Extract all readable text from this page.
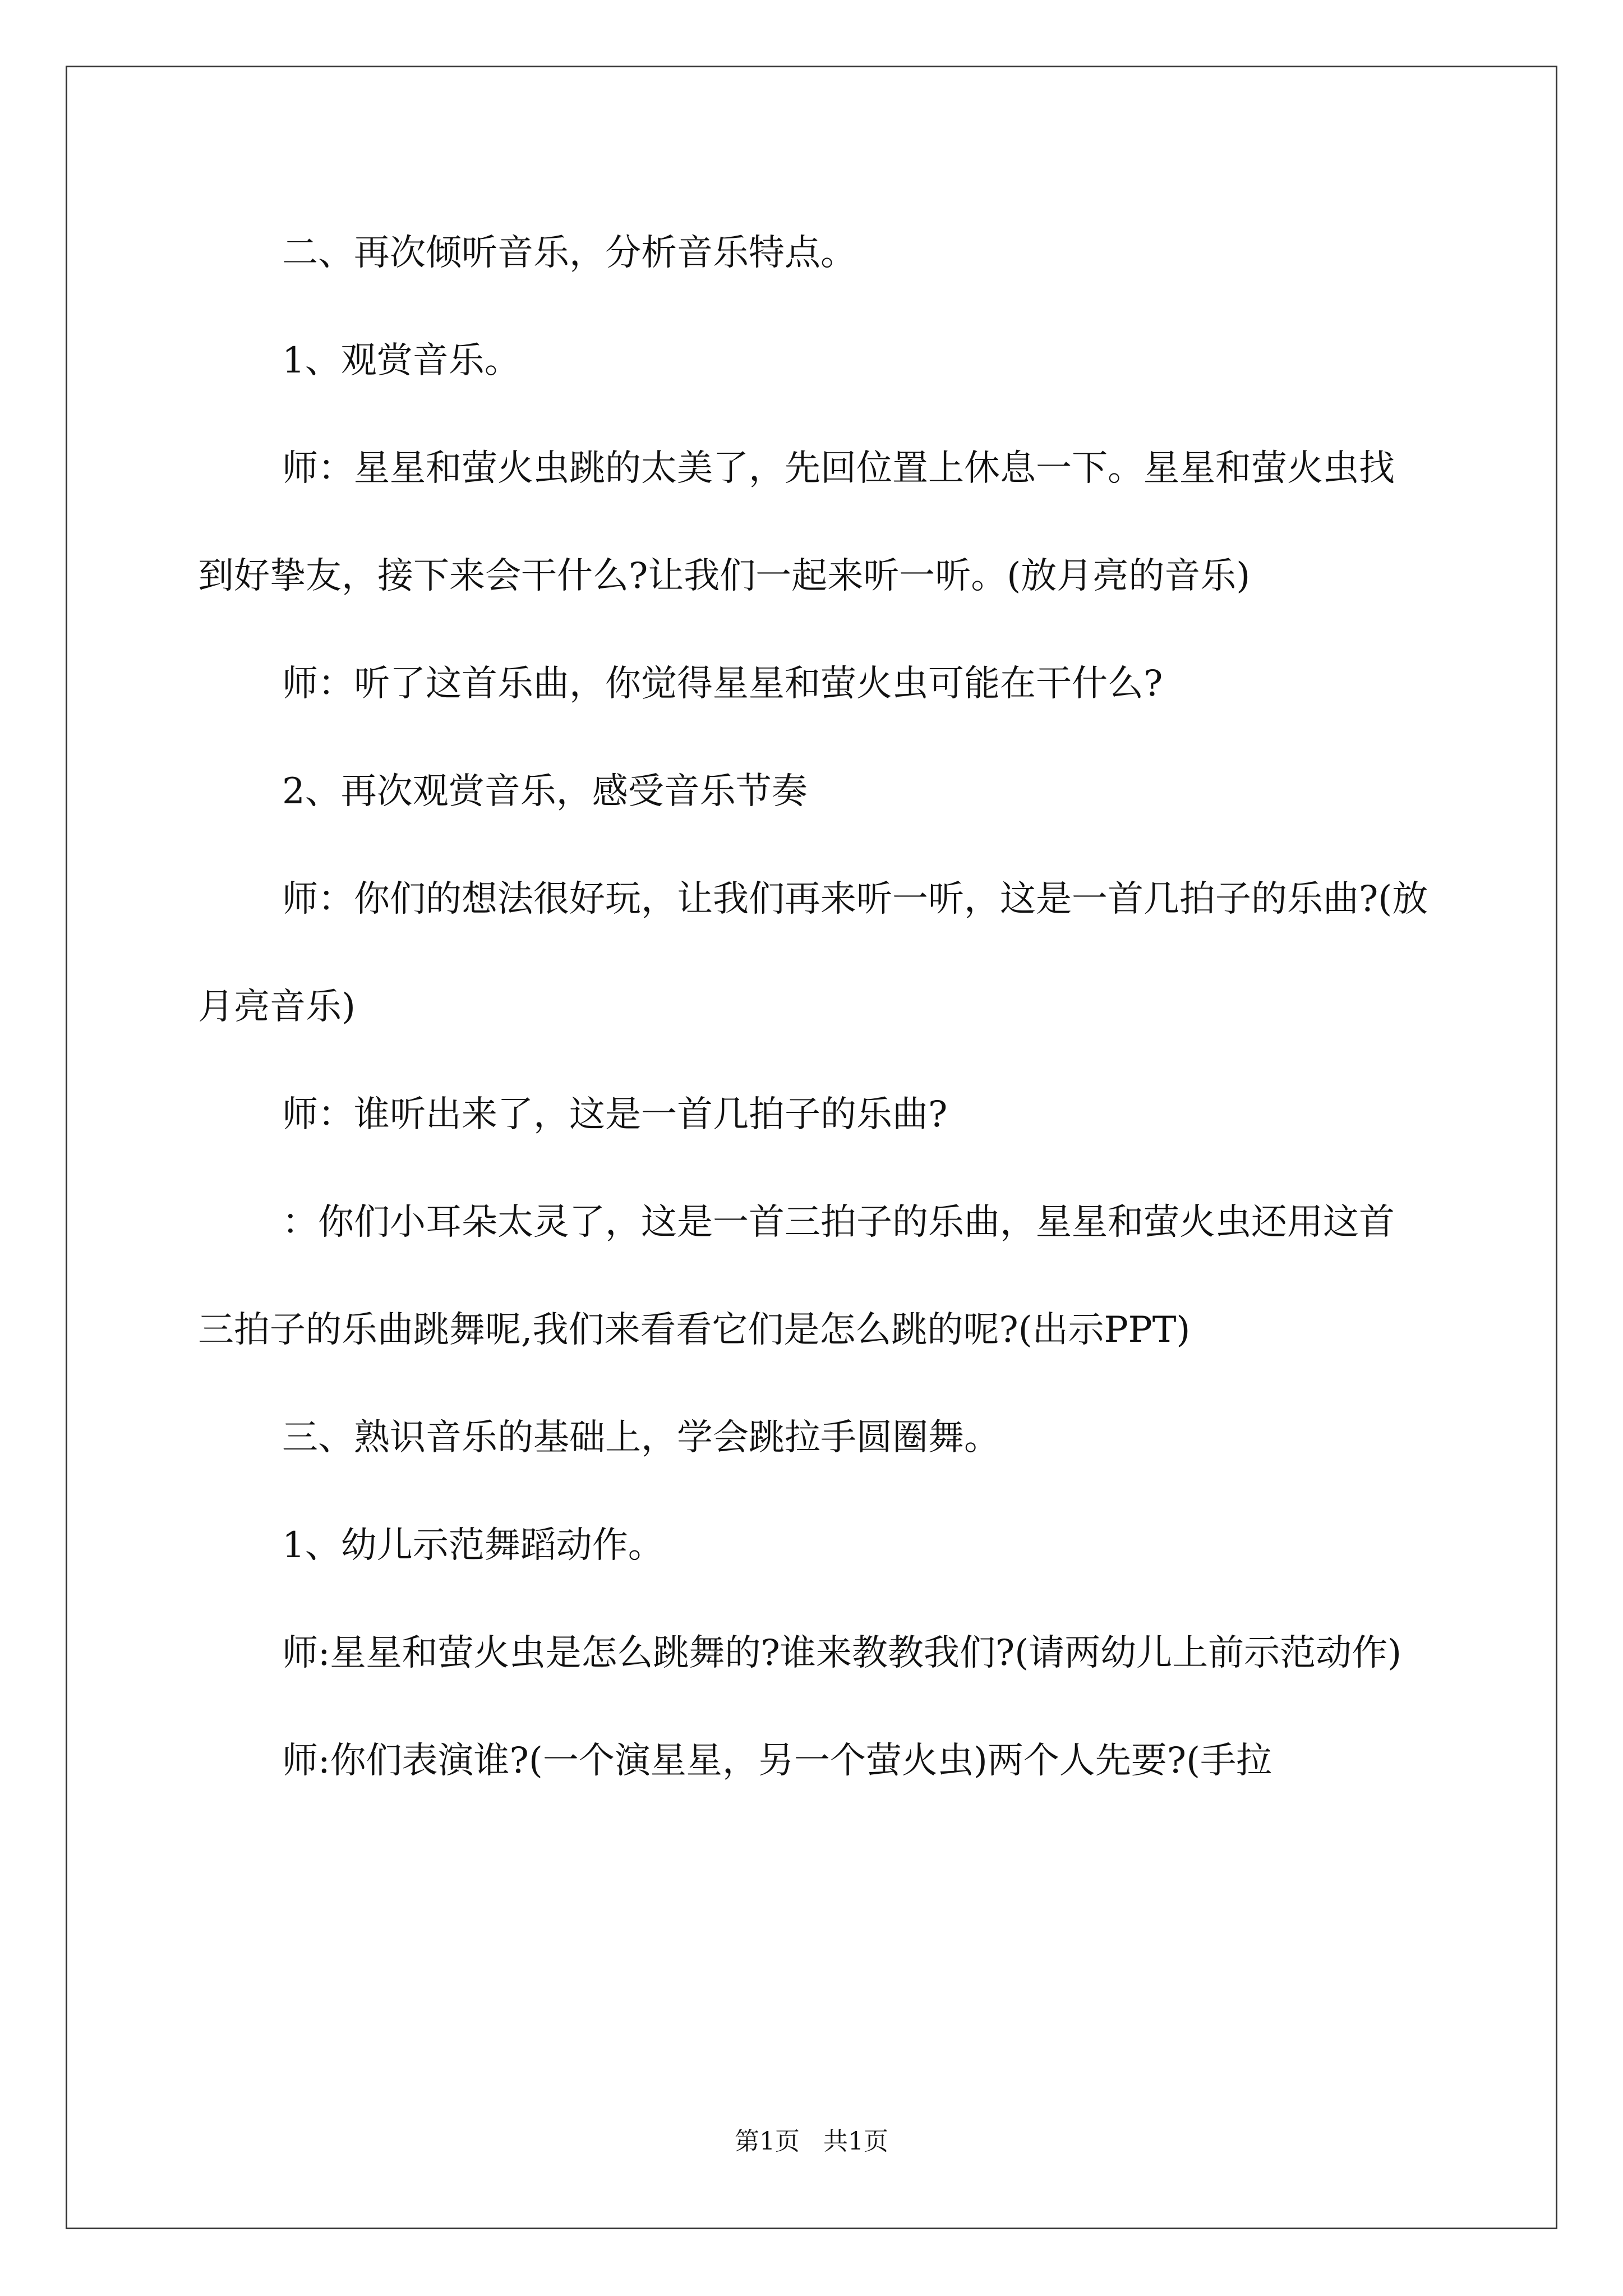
二、再次倾听音乐，分析音乐特点。

1、观赏音乐。

师：星星和萤火虫跳的太美了，先回位置上休息一下。星星和萤火虫找到好挚友，接下来会干什么?让我们一起来听一听。(放月亮的音乐)

师：听了这首乐曲，你觉得星星和萤火虫可能在干什么?

2、再次观赏音乐，感受音乐节奏

师：你们的想法很好玩，让我们再来听一听，这是一首几拍子的乐曲?(放月亮音乐)

师：谁听出来了，这是一首几拍子的乐曲?

：你们小耳朵太灵了，这是一首三拍子的乐曲，星星和萤火虫还用这首三拍子的乐曲跳舞呢,我们来看看它们是怎么跳的呢?(出示PPT)

三、熟识音乐的基础上，学会跳拉手圆圈舞。

1、幼儿示范舞蹈动作。

师:星星和萤火虫是怎么跳舞的?谁来教教我们?(请两幼儿上前示范动作)

师:你们表演谁?(一个演星星，另一个萤火虫)两个人先要?(手拉

第1页   共1页
